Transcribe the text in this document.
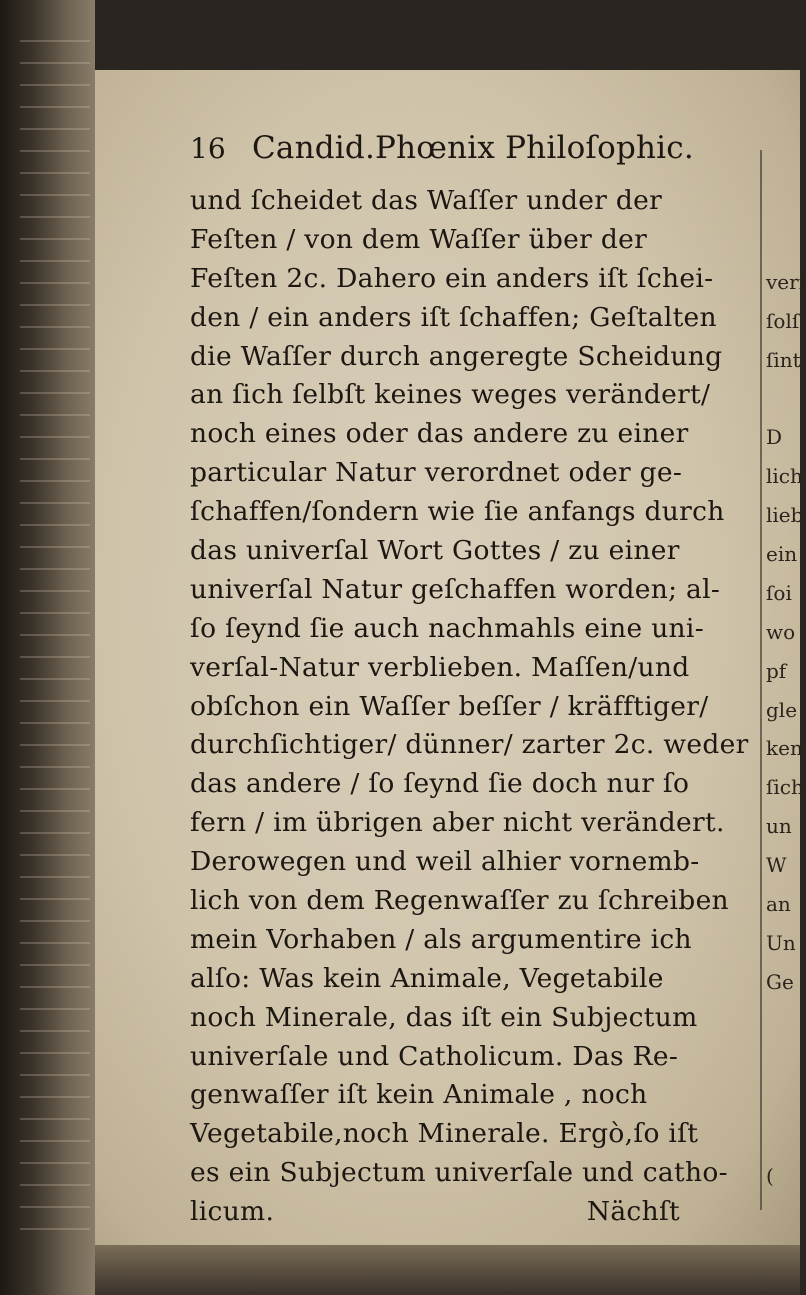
16 Candid.Phœnix Philoſophic.
und ſcheidet das Waſſer under der
Feſten / von dem Waſſer über der
Feſten 2c. Dahero ein anders iſt ſchei-
den / ein anders iſt ſchaffen; Geſtalten
die Waſſer durch angeregte Scheidung
an ſich ſelbſt keines weges verändert/
noch eines oder das andere zu einer
particular Natur verordnet oder ge-
ſchaffen/ſondern wie ſie anfangs durch
das univerſal Wort Gottes / zu einer
univerſal Natur geſchaffen worden; al-
ſo ſeynd ſie auch nachmahls eine uni-
verſal-Natur verblieben. Maſſen/und
obſchon ein Waſſer beſſer / kräfftiger/
durchſichtiger/ dünner/ zarter 2c. weder
das andere / ſo ſeynd ſie doch nur ſo
fern / im übrigen aber nicht verändert.
Derowegen und weil alhier vornemb-
lich von dem Regenwaſſer zu ſchreiben
mein Vorhaben / als argumentire ich
alſo: Was kein Animale, Vegetabile
noch Minerale, das iſt ein Subjectum
univerſale und Catholicum. Das Re-
genwaſſer iſt kein Animale , noch
Vegetabile,noch Minerale. Ergò,ſo iſt
es ein Subjectum univerſale und catho-
licum.	Nächſt
verſ
ſolſ
ſint
D
lich
lieb
ein
ſoi
wo
pf
gle
ken
ſich
un
W
an
Un
Ge
(
